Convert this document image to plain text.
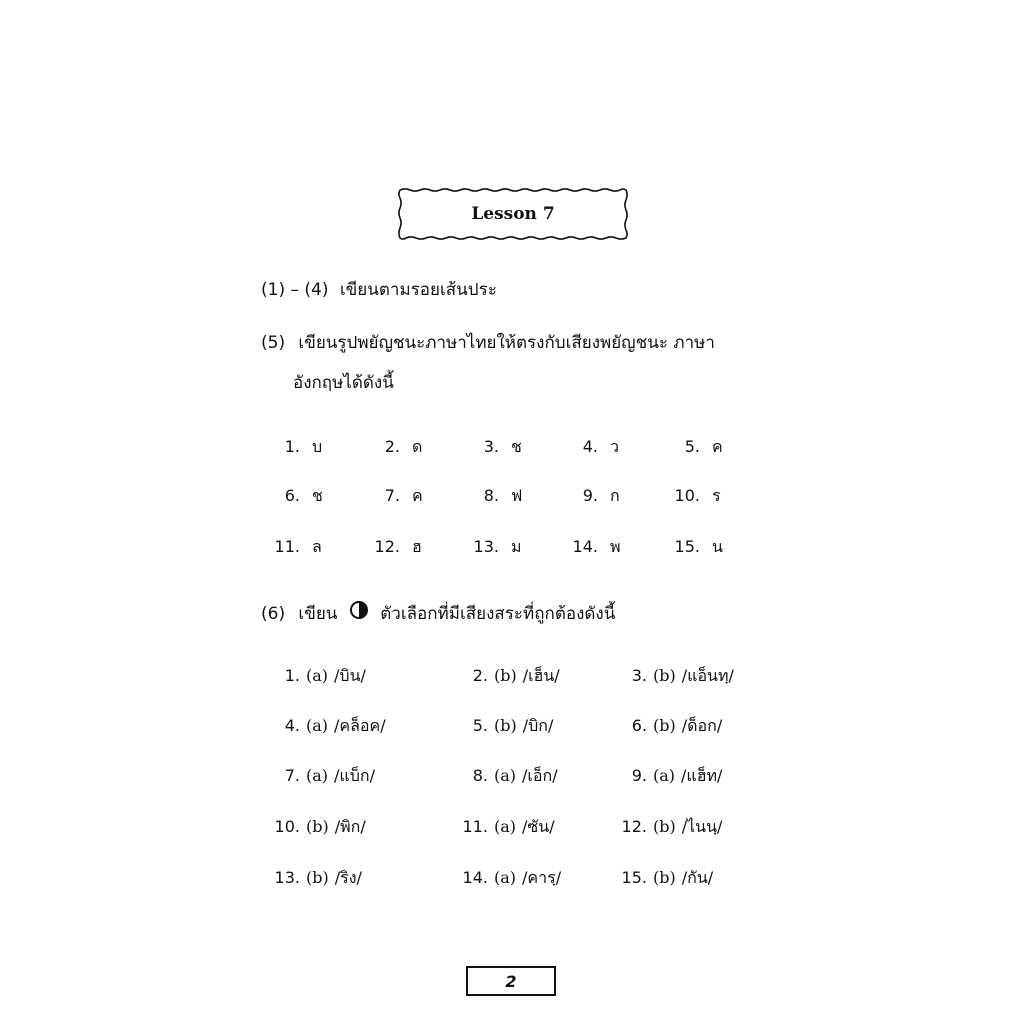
Lesson 7
(1) – (4) เขียนตามรอยเส้นประ
(5) เขียนรูปพยัญชนะภาษาไทยให้ตรงกับเสียงพยัญชนะ ภาษา
อังกฤษได้ดังนี้
1. บ	2. ด	3. ช	4. ว	5. ค
6. ช	7. ค	8. ฟ	9. ก	10. ร
11. ล	12. ฮ	13. ม	14. พ	15. น
(6) เขียน	ตัวเลือกที่มีเสียงสระที่ถูกต้องดังนี้
1. (a) /บิน/	2. (b) /เฮ็น/	3. (b) /แอ็นทฺ/
4. (a) /คล็อค/	5. (b) /บิก/	6. (b) /ด็อก/
7. (a) /แบ็ก/	8. (a) /เอ็ก/	9. (a) /แฮ็ท/
10. (b) /พิก/	11. (a) /ซัน/	12. (b) /ไนนฺ/
13. (b) /ริง/	14. (a) /คารฺ/	15. (b) /กัน/
2
